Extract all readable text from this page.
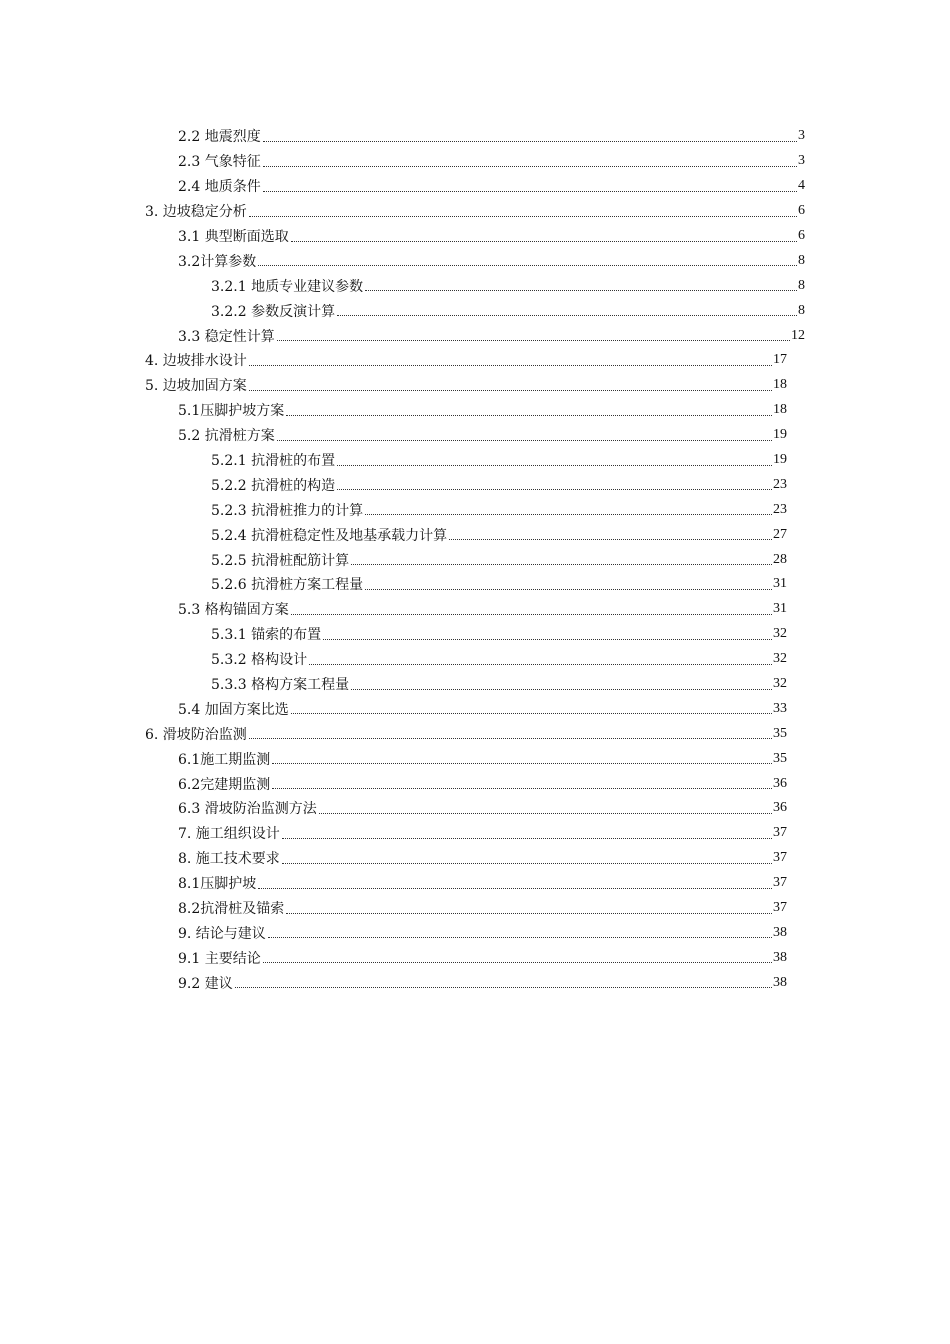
2.2 地震烈度	3
2.3 气象特征	3
2.4 地质条件	4
3. 边坡稳定分析	6
3.1 典型断面选取	6
3.2计算参数	8
3.2.1 地质专业建议参数	8
3.2.2 参数反演计算	8
3.3 稳定性计算	12
4. 边坡排水设计	17
5. 边坡加固方案	18
5.1压脚护坡方案	18
5.2 抗滑桩方案	19
5.2.1 抗滑桩的布置	19
5.2.2 抗滑桩的构造	23
5.2.3 抗滑桩推力的计算	23
5.2.4 抗滑桩稳定性及地基承载力计算	27
5.2.5 抗滑桩配筋计算	28
5.2.6 抗滑桩方案工程量	31
5.3 格构锚固方案	31
5.3.1 锚索的布置	32
5.3.2 格构设计	32
5.3.3 格构方案工程量	32
5.4 加固方案比选	33
6. 滑坡防治监测	35
6.1施工期监测	35
6.2完建期监测	36
6.3 滑坡防治监测方法	36
7. 施工组织设计	37
8. 施工技术要求	37
8.1压脚护坡	37
8.2抗滑桩及锚索	37
9. 结论与建议	38
9.1 主要结论	38
9.2 建议	38
